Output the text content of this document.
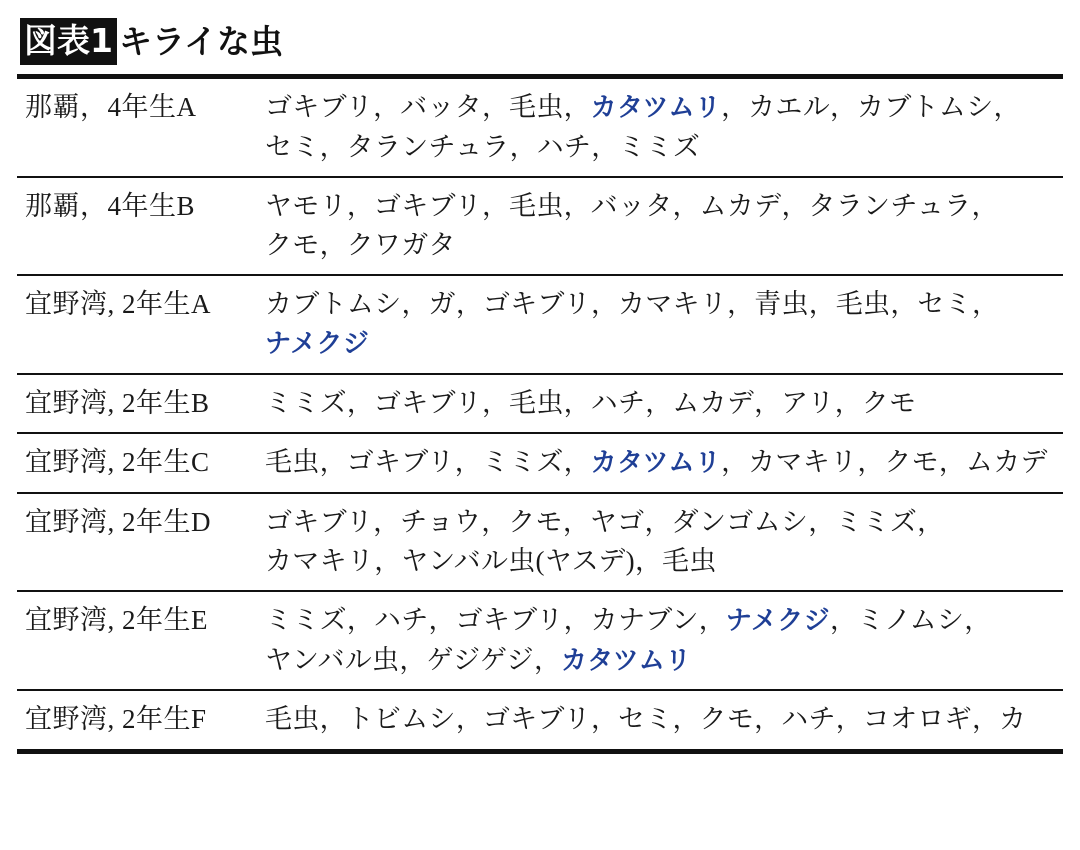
図表1 キライな虫
那覇，4年生A	ゴキブリ，バッタ，毛虫，カタツムリ，カエル，カブトムシ，セミ，タランチュラ，ハチ，ミミズ
那覇，4年生B	ヤモリ，ゴキブリ，毛虫，バッタ，ムカデ，タランチュラ，クモ，クワガタ
宜野湾, 2年生A	カブトムシ，ガ，ゴキブリ，カマキリ，青虫，毛虫，セミ，ナメクジ
宜野湾, 2年生B	ミミズ，ゴキブリ，毛虫，ハチ，ムカデ，アリ，クモ
宜野湾, 2年生C	毛虫，ゴキブリ，ミミズ，カタツムリ，カマキリ，クモ，ムカデ
宜野湾, 2年生D	ゴキブリ，チョウ，クモ，ヤゴ，ダンゴムシ，ミミズ，カマキリ，ヤンバル虫(ヤスデ)，毛虫
宜野湾, 2年生E	ミミズ，ハチ，ゴキブリ，カナブン，ナメクジ，ミノムシ，ヤンバル虫，ゲジゲジ，カタツムリ
宜野湾, 2年生F	毛虫，トビムシ，ゴキブリ，セミ，クモ，ハチ，コオロギ，カ
